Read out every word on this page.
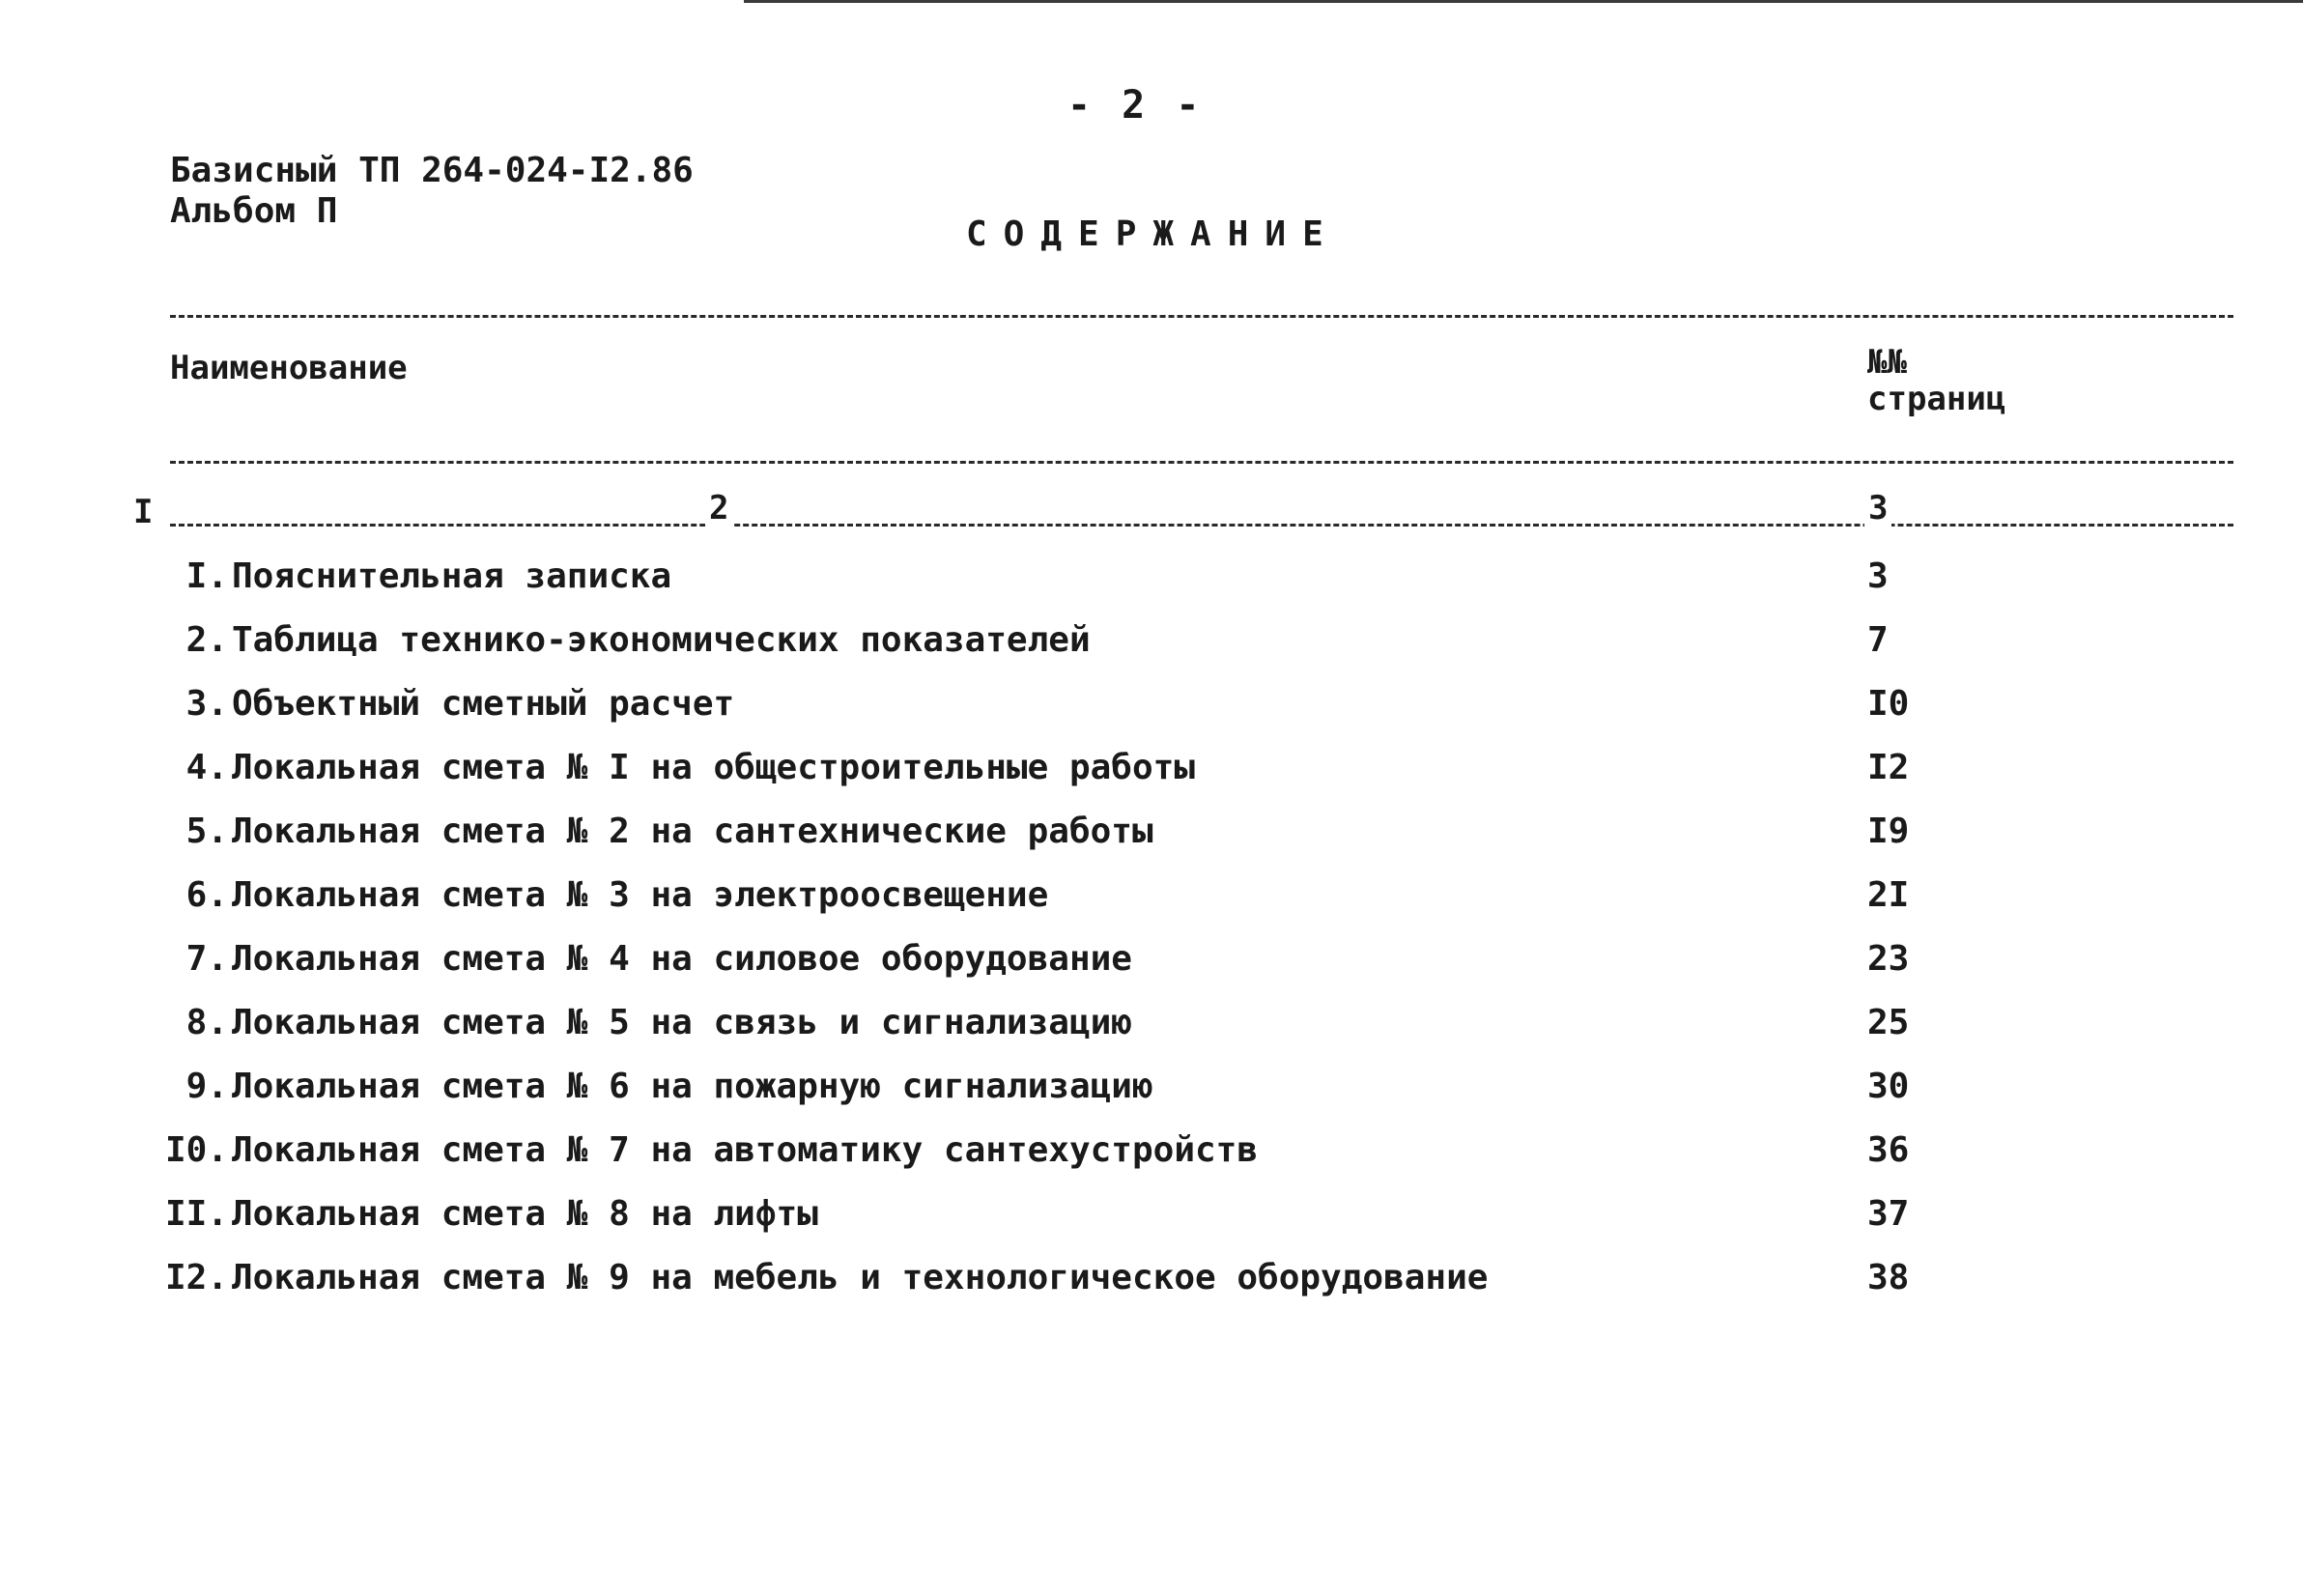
- 2 -
Базисный ТП 264-024-I2.86
Альбом П
СОДЕРЖАНИЕ
Наименование	№№
страниц
I	2	3
I. Пояснительная записка	3
2. Таблица технико-экономических показателей	7
3. Объектный сметный расчет	I0
4. Локальная смета № I на общестроительные работы	I2
5. Локальная смета № 2 на сантехнические работы	I9
6. Локальная смета № 3 на электроосвещение	2I
7. Локальная смета № 4 на силовое оборудование	23
8. Локальная смета № 5 на связь и сигнализацию	25
9. Локальная смета № 6 на пожарную сигнализацию	30
I0. Локальная смета № 7 на автоматику сантехустройств	36
II. Локальная смета № 8 на лифты	37
I2. Локальная смета № 9 на мебель и технологическое оборудование	38
